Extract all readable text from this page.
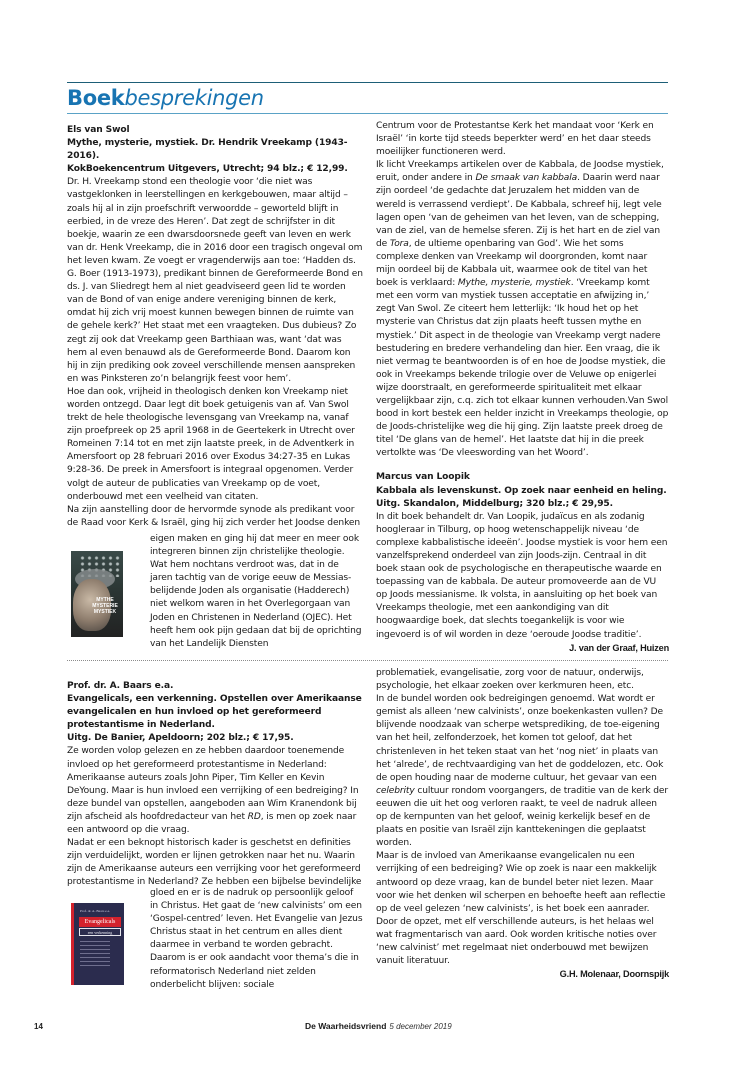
Boekbesprekingen

Els van Swol

Mythe, mysterie, mystiek. Dr. Hendrik Vreekamp (1943- 2016).

KokBoekencentrum Uitgevers, Utrecht; 94 blz.; € 12,99.

Dr. H. Vreekamp stond een theologie voor ‘die niet was vastgeklonken in leerstellingen en kerkgebouwen, maar altijd – zoals hij al in zijn proefschrift verwoordde – geworteld blijft in eerbied, in de vreze des Heren’. Dat zegt de schrijfster in dit boekje, waarin ze een dwarsdoorsnede geeft van leven en werk van dr. Henk Vreekamp, die in 2016 door een tragisch ongeval om het leven kwam. Ze voegt er vragenderwijs aan toe: ‘Hadden ds. G. Boer (1913-1973), predikant binnen de Gereformeerde Bond en ds. J. van Sliedregt hem al niet geadviseerd geen lid te worden van de Bond of van enige andere vereniging binnen de kerk, omdat hij zich vrij moest kunnen bewegen binnen de ruimte van de gehele kerk?’ Het staat met een vraagteken. Dus dubieus? Zo zegt zij ook dat Vreekamp geen Barthiaan was, want ‘dat was hem al even benauwd als de Gereformeerde Bond. Daarom kon hij in zijn prediking ook zoveel verschillende mensen aanspreken en was Pinksteren zo’n belangrijk feest voor hem’.

Hoe dan ook, vrijheid in theologisch denken kon Vreekamp niet worden ontzegd. Daar legt dit boek getuigenis van af. Van Swol trekt de hele theologische levensgang van Vreekamp na, vanaf zijn proefpreek op 25 april 1968 in de Geertekerk in Utrecht over Romeinen 7:14 tot en met zijn laatste preek, in de Adventkerk in Amersfoort op 28 februari 2016 over Exodus 34:27-35 en Lukas 9:28-36. De preek in Amersfoort is integraal opgenomen. Verder volgt de auteur de publicaties van Vreekamp op de voet, onderbouwd met een veelheid van citaten.

Na zijn aanstelling door de hervormde synode als predikant voor de Raad voor Kerk & Israël, ging hij zich verder het Joodse denken

MYTHE MYSTERIE MYSTIEK

eigen maken en ging hij dat meer en meer ook integreren binnen zijn christelijke theologie. Wat hem nochtans verdroot was, dat in de jaren tachtig van de vorige eeuw de Messias-belijdende Joden als organisatie (Hadderech) niet welkom waren in het Overlegorgaan van Joden en Christenen in Nederland (OJEC). Het heeft hem ook pijn gedaan dat bij de oprichting van het Landelijk Diensten

Centrum voor de Protestantse Kerk het mandaat voor ‘Kerk en Israël’ ‘in korte tijd steeds beperkter werd’ en het daar steeds moeilijker functioneren werd.

Ik licht Vreekamps artikelen over de Kabbala, de Joodse mystiek, eruit, onder andere in De smaak van kabbala. Daarin werd naar zijn oordeel ‘de gedachte dat Jeruzalem het midden van de wereld is verrassend verdiept’. De Kabbala, schreef hij, legt vele lagen open ‘van de geheimen van het leven, van de schepping, van de ziel, van de hemelse sferen. Zij is het hart en de ziel van de Tora, de ultieme openbaring van God’. Wie het soms complexe denken van Vreekamp wil doorgronden, komt naar mijn oordeel bij de Kabbala uit, waarmee ook de titel van het boek is verklaard: Mythe, mysterie, mystiek. ‘Vreekamp komt met een vorm van mystiek tussen acceptatie en afwijzing in,’ zegt Van Swol. Ze citeert hem letterlijk: ‘Ik houd het op het mysterie van Christus dat zijn plaats heeft tussen mythe en mystiek.’ Dit aspect in de theologie van Vreekamp vergt nadere bestudering en bredere verhandeling dan hier. Een vraag, die ik niet vermag te beantwoorden is of en hoe de Joodse mystiek, die ook in Vreekamps bekende trilogie over de Veluwe op enigerlei wijze doorstraalt, en gereformeerde spiritualiteit met elkaar vergelijkbaar zijn, c.q. zich tot elkaar kunnen verhouden.Van Swol bood in kort bestek een helder inzicht in Vreekamps theologie, op de Joods-christelijke weg die hij ging. Zijn laatste preek droeg de titel ‘De glans van de hemel’. Het laatste dat hij in die preek vertolkte was ‘De vleeswording van het Woord’.

Marcus van Loopik

Kabbala als levenskunst. Op zoek naar eenheid en heling.

Uitg. Skandalon, Middelburg; 320 blz.; € 29,95.

In dit boek behandelt dr. Van Loopik, judaïcus en als zodanig hoogleraar in Tilburg, op hoog wetenschappelijk niveau ‘de complexe kabbalistische ideeën’. Joodse mystiek is voor hem een vanzelfsprekend onderdeel van zijn Joods-zijn. Centraal in dit boek staan ook de psychologische en therapeutische waarde en toepassing van de kabbala. De auteur promoveerde aan de VU op Joods messianisme. Ik volsta, in aansluiting op het boek van Vreekamps theologie, met een aankondiging van dit hoogwaardige boek, dat slechts toegankelijk is voor wie ingevoerd is of wil worden in deze ‘oeroude Joodse traditie’.

J. van der Graaf, Huizen

Prof. dr. A. Baars e.a.

Evangelicals, een verkenning. Opstellen over Amerikaanse evangelicalen en hun invloed op het gereformeerd protestantisme in Nederland.

Uitg. De Banier, Apeldoorn; 202 blz.; € 17,95.

Ze worden volop gelezen en ze hebben daardoor toenemende invloed op het gereformeerd protestantisme in Nederland: Amerikaanse auteurs zoals John Piper, Tim Keller en Kevin DeYoung. Maar is hun invloed een verrijking of een bedreiging? In deze bundel van opstellen, aangeboden aan Wim Kranendonk bij zijn afscheid als hoofdredacteur van het RD, is men op zoek naar een antwoord op die vraag.

Nadat er een beknopt historisch kader is geschetst en definities zijn verduidelijkt, worden er lijnen getrokken naar het nu. Waarin zijn de Amerikaanse auteurs een verrijking voor het gereformeerd protestantisme in Nederland? Ze hebben een bijbelse bevindelijke

Prof. dr. A. Baars e.a.
Evangelicals
een verkenning

gloed en er is de nadruk op persoonlijk geloof in Christus. Het gaat de ‘new calvinists’ om een ‘Gospel-centred’ leven. Het Evangelie van Jezus Christus staat in het centrum en alles dient daarmee in verband te worden gebracht. Daarom is er ook aandacht voor thema’s die in reformatorisch Nederland niet zelden onderbelicht blijven: sociale

problematiek, evangelisatie, zorg voor de natuur, onderwijs, psychologie, het elkaar zoeken over kerkmuren heen, etc.

In de bundel worden ook bedreigingen genoemd. Wat wordt er gemist als alleen ‘new calvinists’, onze boekenkasten vullen? De blijvende noodzaak van scherpe wetsprediking, de toe-eigening van het heil, zelfonderzoek, het komen tot geloof, dat het christenleven in het teken staat van het ‘nog niet’ in plaats van het ‘alrede’, de rechtvaardiging van het de goddelozen, etc. Ook de open houding naar de moderne cultuur, het gevaar van een celebrity cultuur rondom voorgangers, de traditie van de kerk der eeuwen die uit het oog verloren raakt, te veel de nadruk alleen op de kernpunten van het geloof, weinig kerkelijk besef en de plaats en positie van Israël zijn kanttekeningen die geplaatst worden.

Maar is de invloed van Amerikaanse evangelicalen nu een verrijking of een bedreiging? Wie op zoek is naar een makkelijk antwoord op deze vraag, kan de bundel beter niet lezen. Maar voor wie het denken wil scherpen en behoefte heeft aan reflectie op de veel gelezen ‘new calvinists’, is het boek een aanrader. Door de opzet, met elf verschillende auteurs, is het helaas wel wat fragmentarisch van aard. Ook worden kritische noties over ‘new calvinist’ met regelmaat niet onderbouwd met bewijzen vanuit literatuur.

G.H. Molenaar, Doornspijk

14	De Waarheidsvriend 5 december 2019
